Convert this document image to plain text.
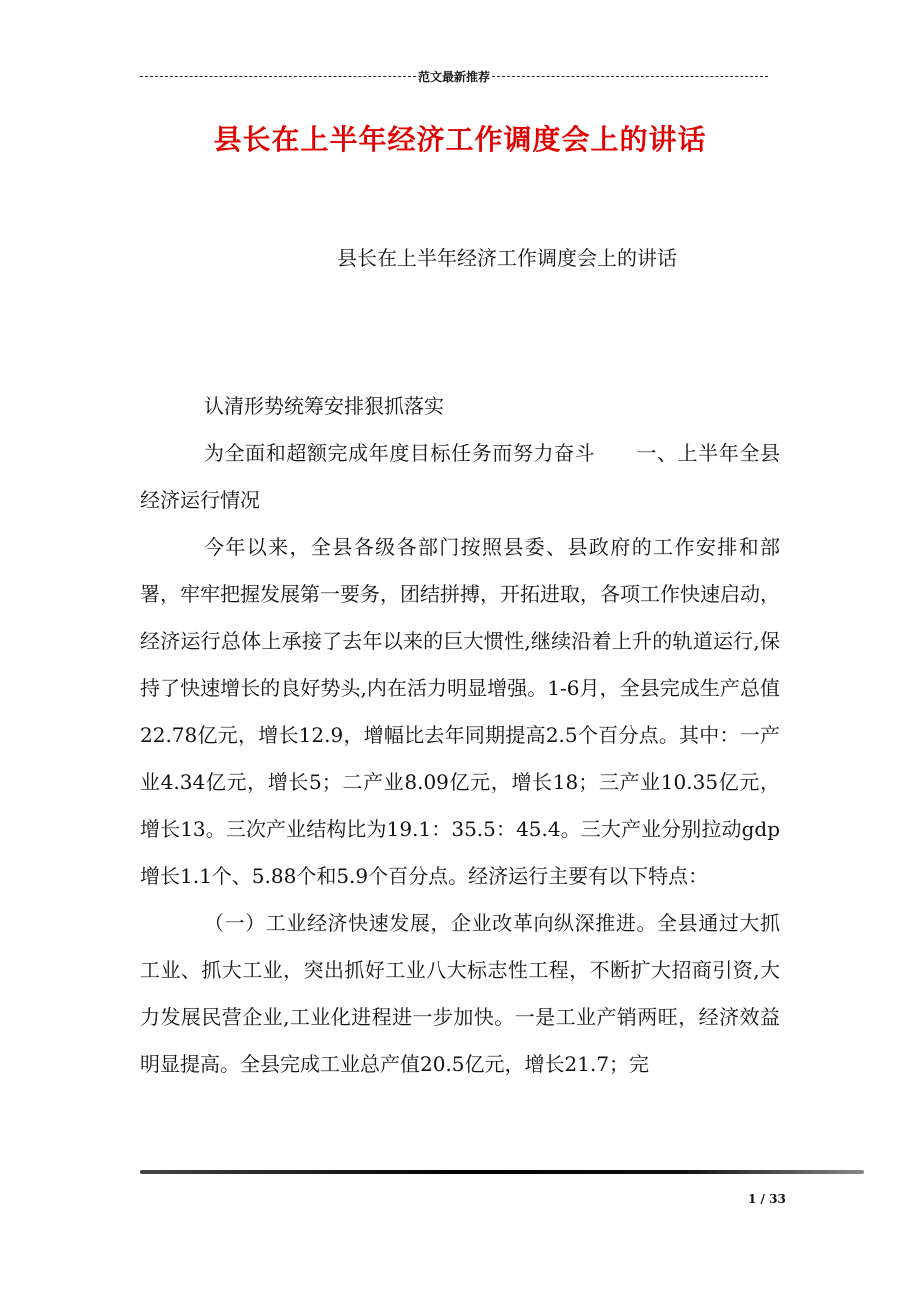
范文最新推荐
县长在上半年经济工作调度会上的讲话
县长在上半年经济工作调度会上的讲话

认清形势统筹安排狠抓落实

为全面和超额完成年度目标任务而努力奋斗　　一、上半年全县经济运行情况

今年以来，全县各级各部门按照县委、县政府的工作安排和部署，牢牢把握发展第一要务，团结拼搏，开拓进取，各项工作快速启动，经济运行总体上承接了去年以来的巨大惯性,继续沿着上升的轨道运行,保持了快速增长的良好势头,内在活力明显增强。1-6月，全县完成生产总值22.78亿元，增长12.9，增幅比去年同期提高2.5个百分点。其中：一产业4.34亿元，增长5；二产业8.09亿元，增长18；三产业10.35亿元，增长13。三次产业结构比为19.1：35.5：45.4。三大产业分别拉动gdp增长1.1个、5.88个和5.9个百分点。经济运行主要有以下特点：

（一）工业经济快速发展，企业改革向纵深推进。全县通过大抓工业、抓大工业，突出抓好工业八大标志性工程，不断扩大招商引资,大力发展民营企业,工业化进程进一步加快。一是工业产销两旺，经济效益明显提高。全县完成工业总产值20.5亿元，增长21.7；完

1 / 33
